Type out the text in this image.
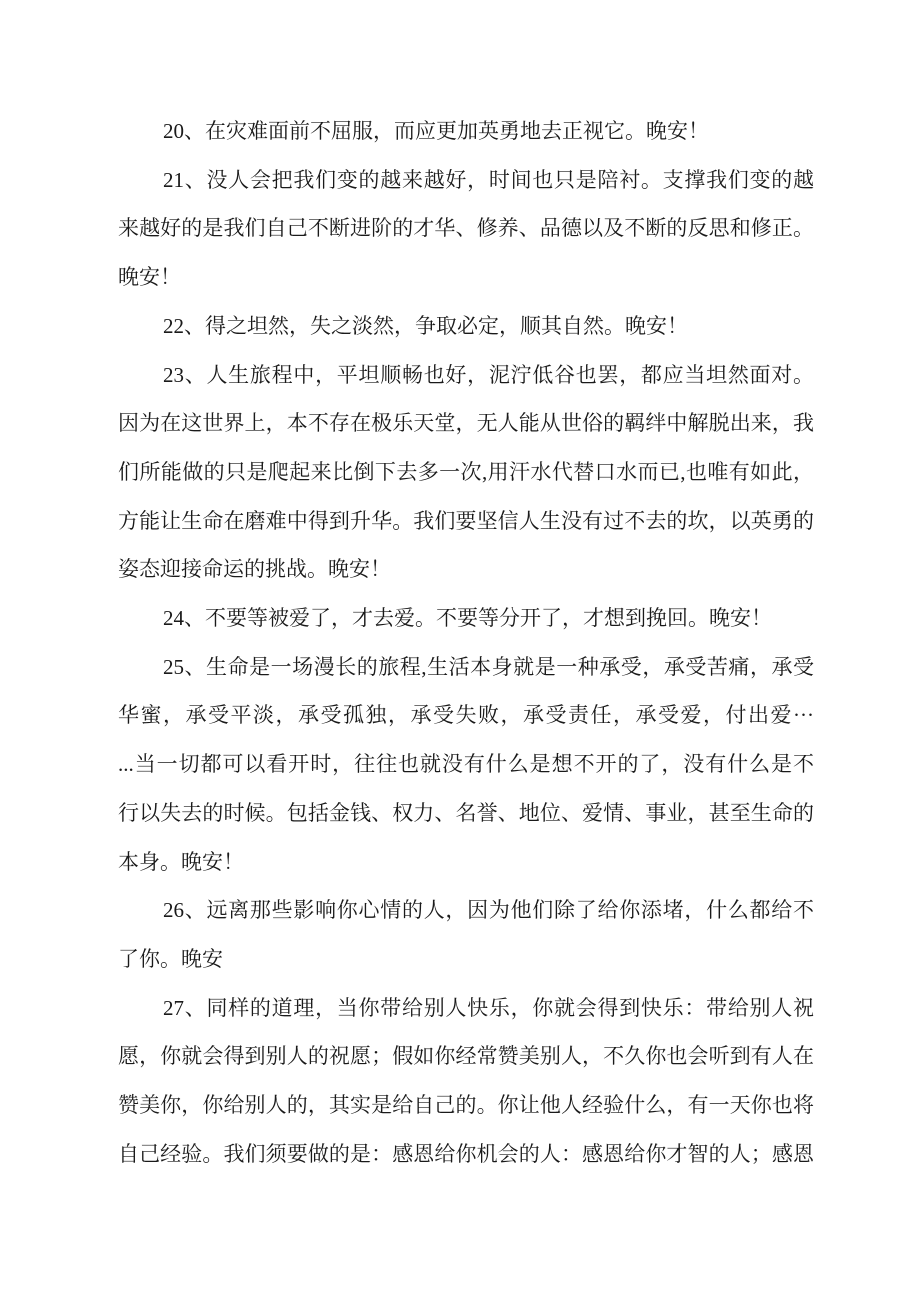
20、在灾难面前不屈服，而应更加英勇地去正视它。晚安！

21、没人会把我们变的越来越好，时间也只是陪衬。支撑我们变的越
来越好的是我们自己不断进阶的才华、修养、品德以及不断的反思和修正。
晚安！

22、得之坦然，失之淡然，争取必定，顺其自然。晚安！

23、人生旅程中，平坦顺畅也好，泥泞低谷也罢，都应当坦然面对。
因为在这世界上，本不存在极乐天堂，无人能从世俗的羁绊中解脱出来，我
们所能做的只是爬起来比倒下去多一次,用汗水代替口水而已,也唯有如此，
方能让生命在磨难中得到升华。我们要坚信人生没有过不去的坎，以英勇的
姿态迎接命运的挑战。晚安！

24、不要等被爱了，才去爱。不要等分开了，才想到挽回。晚安！

25、生命是一场漫长的旅程,生活本身就是一种承受，承受苦痛，承受
华蜜，承受平淡，承受孤独，承受失败，承受责任，承受爱，付出爱···
...当一切都可以看开时，往往也就没有什么是想不开的了，没有什么是不
行以失去的时候。包括金钱、权力、名誉、地位、爱情、事业，甚至生命的
本身。晚安！

26、远离那些影响你心情的人，因为他们除了给你添堵，什么都给不
了你。晚安

27、同样的道理，当你带给别人快乐，你就会得到快乐：带给别人祝
愿，你就会得到别人的祝愿；假如你经常赞美别人，不久你也会听到有人在
赞美你，你给别人的，其实是给自己的。你让他人经验什么，有一天你也将
自己经验。我们须要做的是：感恩给你机会的人：感恩给你才智的人；感恩
